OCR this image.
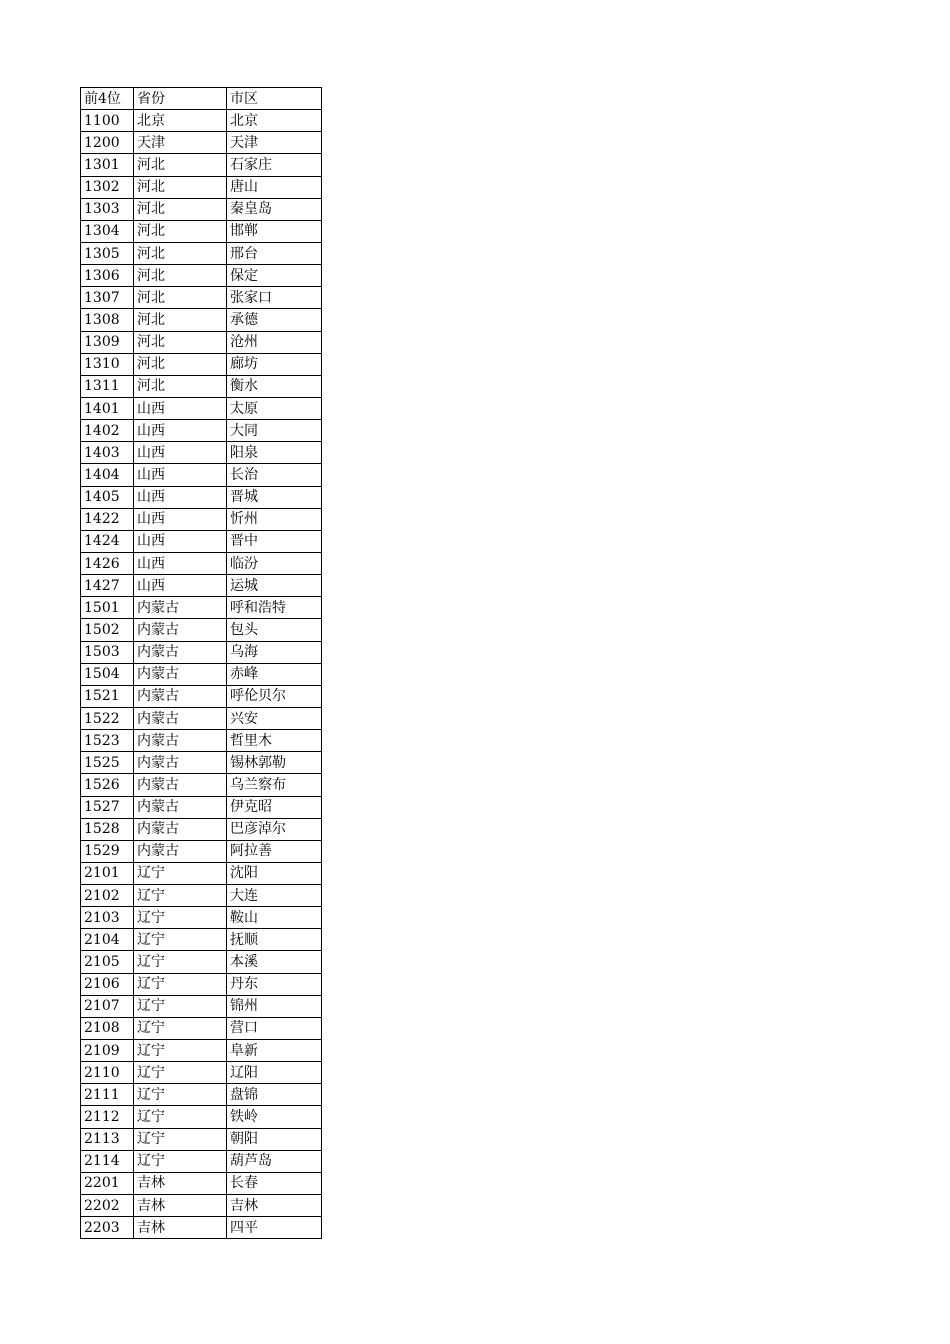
前4位	省份	市区
1100	北京	北京
1200	天津	天津
1301	河北	石家庄
1302	河北	唐山
1303	河北	秦皇岛
1304	河北	邯郸
1305	河北	邢台
1306	河北	保定
1307	河北	张家口
1308	河北	承德
1309	河北	沧州
1310	河北	廊坊
1311	河北	衡水
1401	山西	太原
1402	山西	大同
1403	山西	阳泉
1404	山西	长治
1405	山西	晋城
1422	山西	忻州
1424	山西	晋中
1426	山西	临汾
1427	山西	运城
1501	内蒙古	呼和浩特
1502	内蒙古	包头
1503	内蒙古	乌海
1504	内蒙古	赤峰
1521	内蒙古	呼伦贝尔
1522	内蒙古	兴安
1523	内蒙古	哲里木
1525	内蒙古	锡林郭勒
1526	内蒙古	乌兰察布
1527	内蒙古	伊克昭
1528	内蒙古	巴彦淖尔
1529	内蒙古	阿拉善
2101	辽宁	沈阳
2102	辽宁	大连
2103	辽宁	鞍山
2104	辽宁	抚顺
2105	辽宁	本溪
2106	辽宁	丹东
2107	辽宁	锦州
2108	辽宁	营口
2109	辽宁	阜新
2110	辽宁	辽阳
2111	辽宁	盘锦
2112	辽宁	铁岭
2113	辽宁	朝阳
2114	辽宁	葫芦岛
2201	吉林	长春
2202	吉林	吉林
2203	吉林	四平
